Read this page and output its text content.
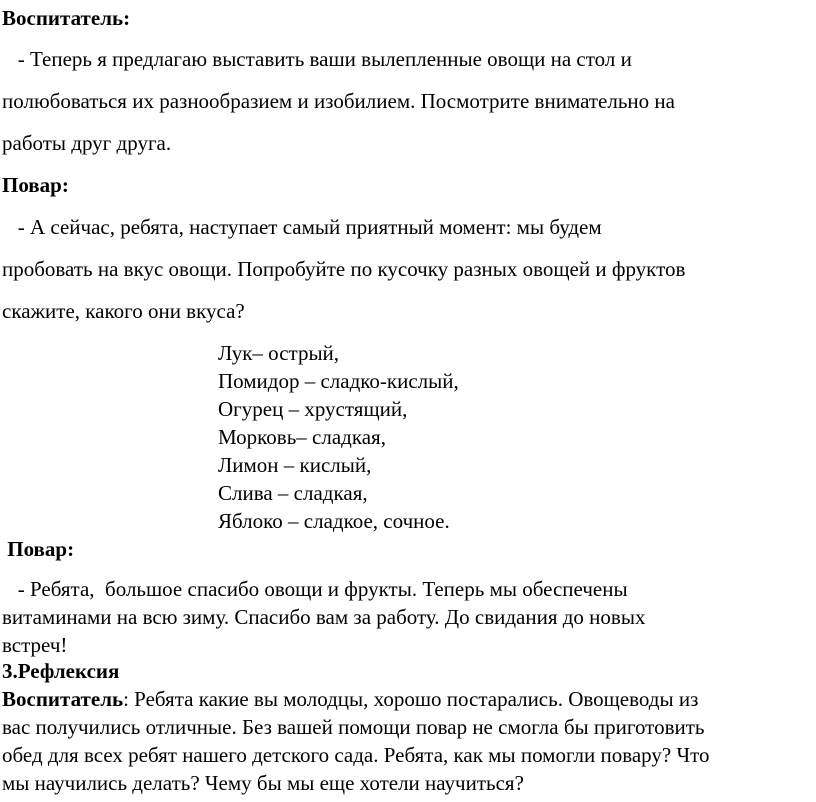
Воспитатель:
- Теперь я предлагаю выставить ваши вылепленные овощи на стол и
полюбоваться их разнообразием и изобилием. Посмотрите внимательно на
работы друг друга.
Повар:
- А сейчас, ребята, наступает самый приятный момент: мы будем
пробовать на вкус овощи. Попробуйте по кусочку разных овощей и фруктов
скажите, какого они вкуса?
Лук– острый,
Помидор – сладко-кислый,
Огурец – хрустящий,
Морковь– сладкая,
Лимон – кислый,
Слива – сладкая,
Яблоко – сладкое, сочное.
Повар:
- Ребята,  большое спасибо овощи и фрукты. Теперь мы обеспечены
витаминами на всю зиму. Спасибо вам за работу. До свидания до новых
встреч!
3.Рефлексия
Воспитатель: Ребята какие вы молодцы, хорошо постарались. Овощеводы из
вас получились отличные. Без вашей помощи повар не смогла бы приготовить
обед для всех ребят нашего детского сада. Ребята, как мы помогли повару? Что
мы научились делать? Чему бы мы еще хотели научиться?
